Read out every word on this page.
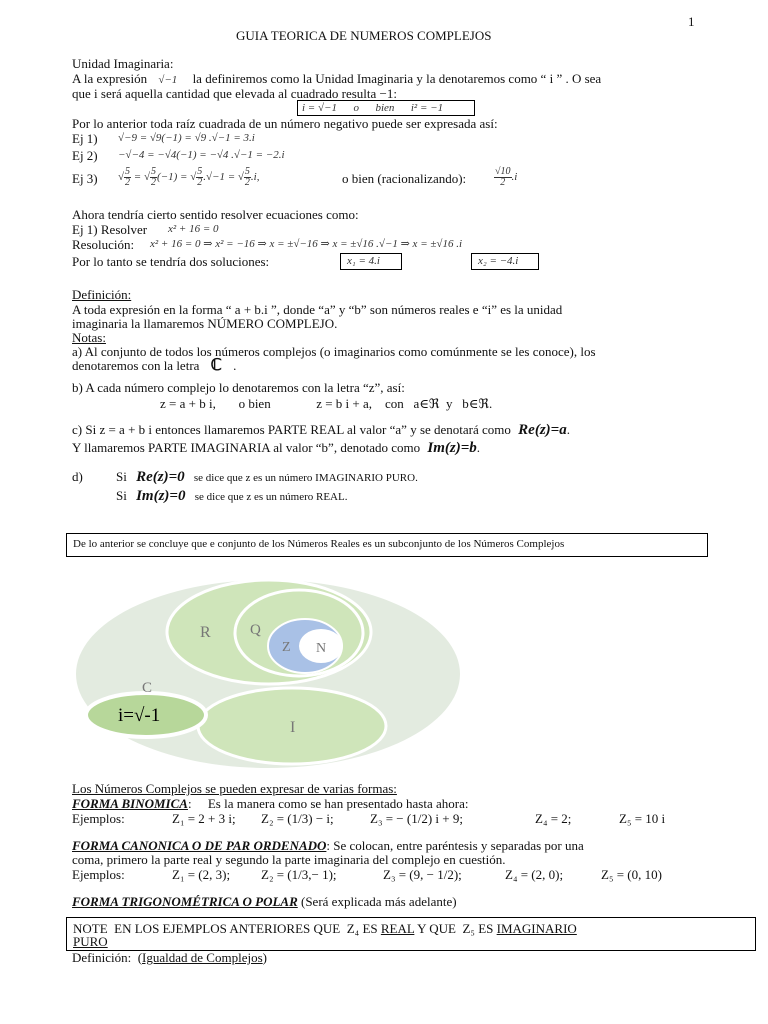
1
GUIA TEORICA DE NUMEROS COMPLEJOS
Unidad Imaginaria:
A la expresión √−1 la definiremos como la Unidad Imaginaria y la denotaremos como “ i ” . O sea
que i será aquella cantidad que elevada al cuadrado resulta −1:
i = √−1      o      bien      i² = −1
Por lo anterior toda raíz cuadrada de un número negativo puede ser expresada así:
Ej 1) √−9 = √9(−1) = √9 .√−1 = 3.i
Ej 2) −√−4 = −√4(−1) = −√4 .√−1 = −2.i
Ej 3) √ $\frac{5}{2}$ = √ $\frac{5}{2} (-1)$ = √ $\frac{5}{2} .√-1$ = √ $\frac{5}{2} .i$,	o bien (racionalizando):	$\frac{√10}{2} .i$
Ahora tendría cierto sentido resolver ecuaciones como:
Ej 1) Resolver x² + 16 = 0
Resolución: x² + 16 = 0 ⇒ x² = −16 ⇒ x = ±√−16 ⇒ x = ±√16 .√−1 ⇒ x = ±√16 .i
Por lo tanto se tendría dos soluciones:	x₁ = 4.i	x₂ = −4.i
Definición:
A toda expresión en la forma “ a + b.i ”, donde “a” y “b” son números reales e “i” es la unidad
imaginaria la llamaremos NÚMERO COMPLEJO.
Notas:
a) Al conjunto de todos los números complejos (o imaginarios como comúnmente se les conoce), los
denotaremos con la letra ℂ .
b) A cada número complejo lo denotaremos con la letra “z”, así:
z = a + b i,       o bien              z = b i + a,    con   a∈ℜ  y   b∈ℜ.
c) Si z = a + b i entonces llamaremos PARTE REAL al valor “a” y se denotará como Re(z)=a.
Y llamaremos PARTE IMAGINARIA al valor “b”, denotado como Im(z)=b.
d)	Si Re(z)=0 se dice que z es un número IMAGINARIO PURO.
Si Im(z)=0 se dice que z es un número REAL.
De lo anterior se concluye que e conjunto de los Números Reales es un subconjunto de los Números Complejos
R	Q
Z N
C
I
i=√-1
Los Números Complejos se pueden expresar de varias formas:
FORMA BINOMICA:     Es la manera como se han presentado hasta ahora:
Ejemplos:	Z₁ = 2 + 3 i; Z₂ = (1/3) − i;	Z₃ = − (1/2) i + 9;	Z₄ = 2;	Z₅ = 10 i
FORMA CANONICA O DE PAR ORDENADO: Se colocan, entre paréntesis y separadas por una
coma, primero la parte real y segundo la parte imaginaria del complejo en cuestión.
Ejemplos:	Z₁ = (2, 3); Z₂ = (1/3,− 1);	Z₃ = (9, − 1/2);	Z₄ = (2, 0);	Z₅ = (0, 10)
FORMA TRIGONOMÉTRICA O POLAR (Será explicada más adelante)
NOTE  EN LOS EJEMPLOS ANTERIORES QUE  Z₄ ES REAL Y QUE  Z₅ ES IMAGINARIO
PURO
Definición:  (Igualdad de Complejos)
